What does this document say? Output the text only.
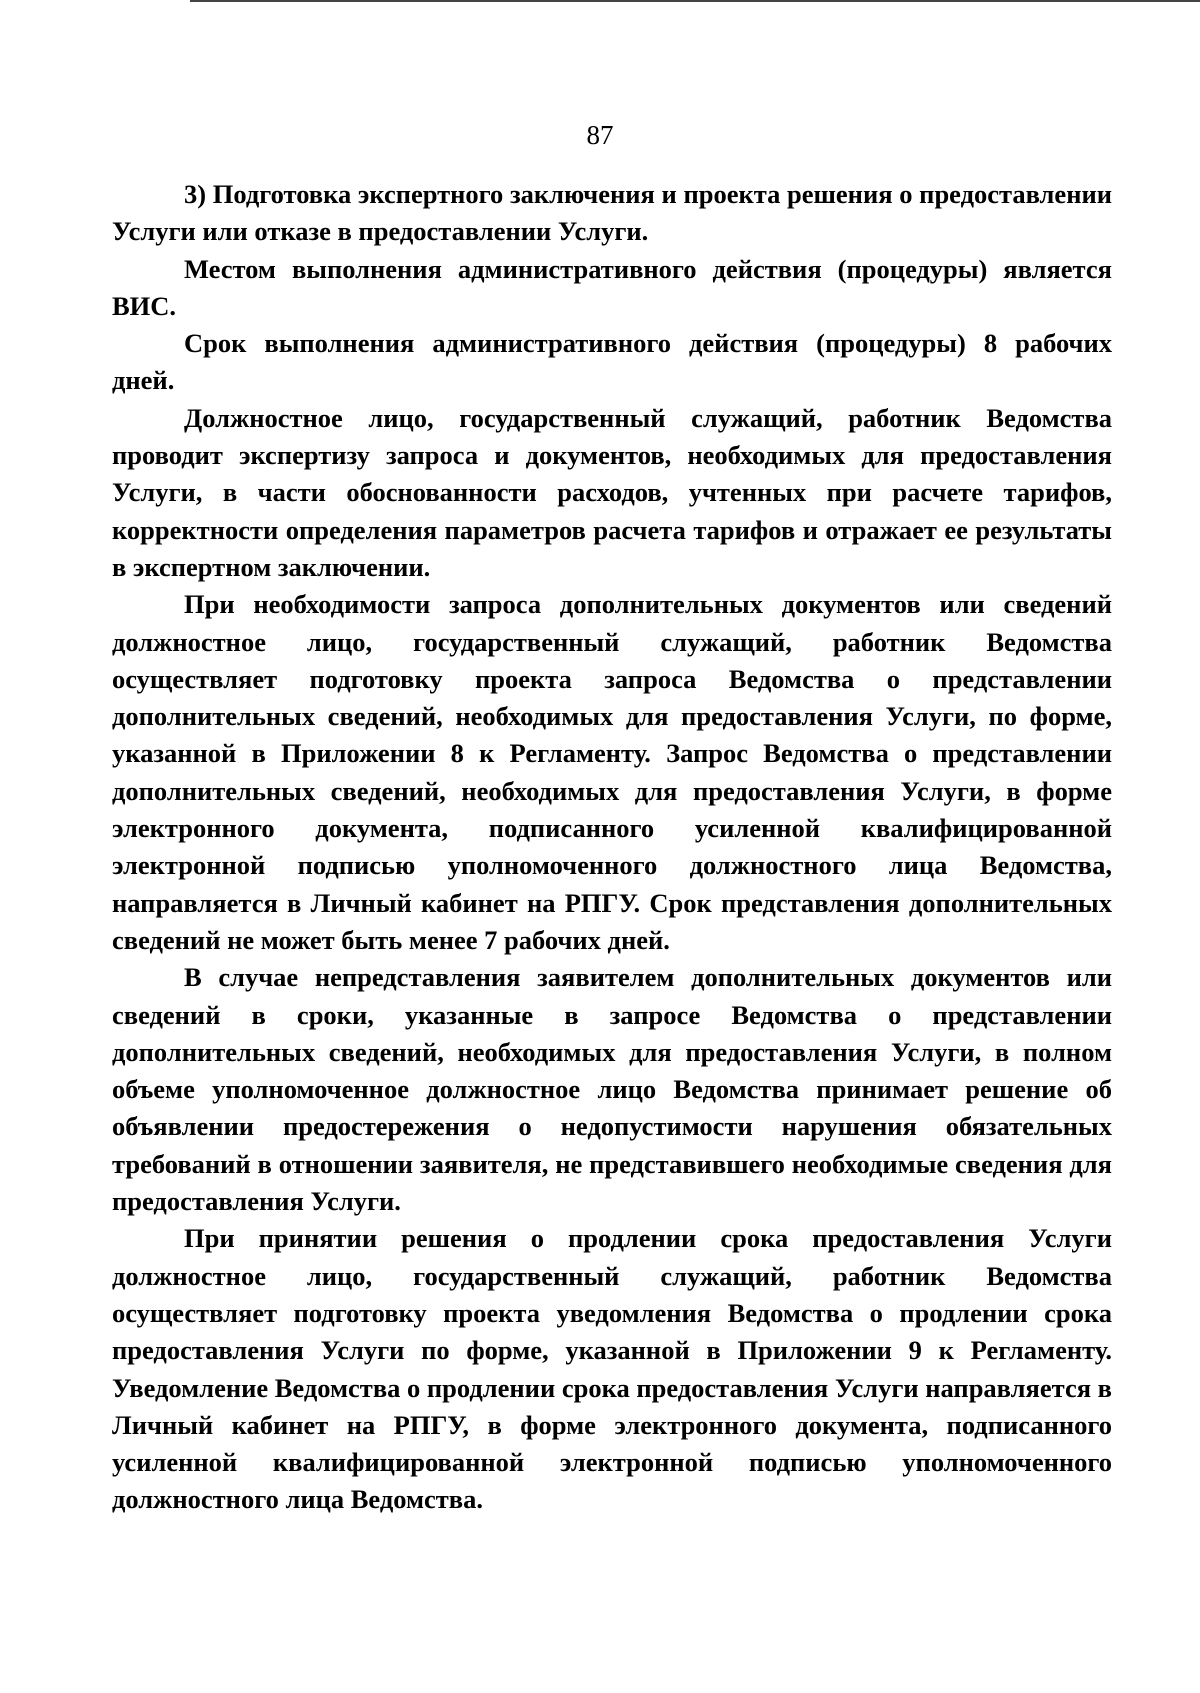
87

3) Подготовка экспертного заключения и проекта решения о предоставлении Услуги или отказе в предоставлении Услуги.

Местом выполнения административного действия (процедуры) является ВИС.

Срок выполнения административного действия (процедуры) 8 рабочих дней.

Должностное лицо, государственный служащий, работник Ведомства проводит экспертизу запроса и документов, необходимых для предоставления Услуги, в части обоснованности расходов, учтенных при расчете тарифов, корректности определения параметров расчета тарифов и отражает ее результаты в экспертном заключении.

При необходимости запроса дополнительных документов или сведений должностное лицо, государственный служащий, работник Ведомства осуществляет подготовку проекта запроса Ведомства о представлении дополнительных сведений, необходимых для предоставления Услуги, по форме, указанной в Приложении 8 к Регламенту. Запрос Ведомства о представлении дополнительных сведений, необходимых для предоставления Услуги, в форме электронного документа, подписанного усиленной квалифицированной электронной подписью уполномоченного должностного лица Ведомства, направляется в Личный кабинет на РПГУ. Срок представления дополнительных сведений не может быть менее 7 рабочих дней.

В случае непредставления заявителем дополнительных документов или сведений в сроки, указанные в запросе Ведомства о представлении дополнительных сведений, необходимых для предоставления Услуги, в полном объеме уполномоченное должностное лицо Ведомства принимает решение об объявлении предостережения о недопустимости нарушения обязательных требований в отношении заявителя, не представившего необходимые сведения для предоставления Услуги.

При принятии решения о продлении срока предоставления Услуги должностное лицо, государственный служащий, работник Ведомства осуществляет подготовку проекта уведомления Ведомства о продлении срока предоставления Услуги по форме, указанной в Приложении 9 к Регламенту. Уведомление Ведомства о продлении срока предоставления Услуги направляется в Личный кабинет на РПГУ, в форме электронного документа, подписанного усиленной квалифицированной электронной подписью уполномоченного должностного лица Ведомства.
